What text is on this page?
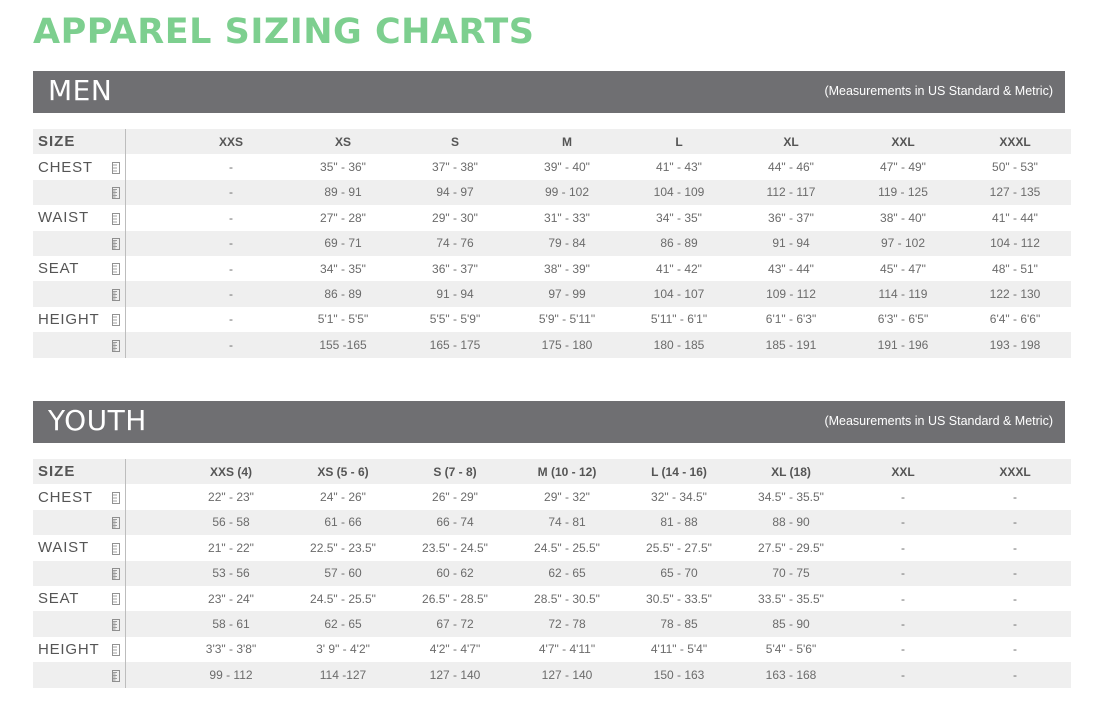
APPAREL SIZING CHARTS
MEN	(Measurements in US Standard & Metric)
SIZE			XXS	XS	S	M	L	XL	XXL	XXXL
CHEST			-	35" - 36"	37" - 38"	39" - 40"	41" - 43"	44" - 46"	47" - 49"	50" - 53"
			-	89 - 91	94 - 97	99 - 102	104 - 109	112 - 117	119 - 125	127 - 135
WAIST			-	27" - 28"	29" - 30"	31" - 33"	34" - 35"	36" - 37"	38" - 40"	41" - 44"
			-	69 - 71	74 - 76	79 - 84	86 - 89	91 - 94	97 - 102	104 - 112
SEAT			-	34" - 35"	36" - 37"	38" - 39"	41" - 42"	43" - 44"	45" - 47"	48" - 51"
			-	86 - 89	91 - 94	97 - 99	104 - 107	109 - 112	114 - 119	122 - 130
HEIGHT			-	5'1" - 5'5"	5'5" - 5'9"	5'9" - 5'11"	5'11" - 6'1"	6'1" - 6'3"	6'3" - 6'5"	6'4" - 6'6"
			-	155 -165	165 - 175	175 - 180	180 - 185	185 - 191	191 - 196	193 - 198
YOUTH	(Measurements in US Standard & Metric)
SIZE			XXS (4)	XS (5 - 6)	S (7 - 8)	M (10 - 12)	L (14 - 16)	XL (18)	XXL	XXXL
CHEST			22" - 23"	24" - 26"	26" - 29"	29" - 32"	32" - 34.5"	34.5" - 35.5"	-	-
			56 - 58	61 - 66	66 - 74	74 - 81	81 - 88	88 - 90	-	-
WAIST			21" - 22"	22.5" - 23.5"	23.5" - 24.5"	24.5" - 25.5"	25.5" - 27.5"	27.5" - 29.5"	-	-
			53 - 56	57 - 60	60 - 62	62 - 65	65 - 70	70 - 75	-	-
SEAT			23" - 24"	24.5" - 25.5"	26.5" - 28.5"	28.5" - 30.5"	30.5" - 33.5"	33.5" - 35.5"	-	-
			58 - 61	62 - 65	67 - 72	72 - 78	78 - 85	85 - 90	-	-
HEIGHT			3'3" - 3'8"	3' 9" - 4'2"	4'2" - 4'7"	4'7" - 4'11"	4'11" - 5'4"	5'4" - 5'6"	-	-
			99 - 112	114 -127	127 - 140	127 - 140	150 - 163	163 - 168	-	-
